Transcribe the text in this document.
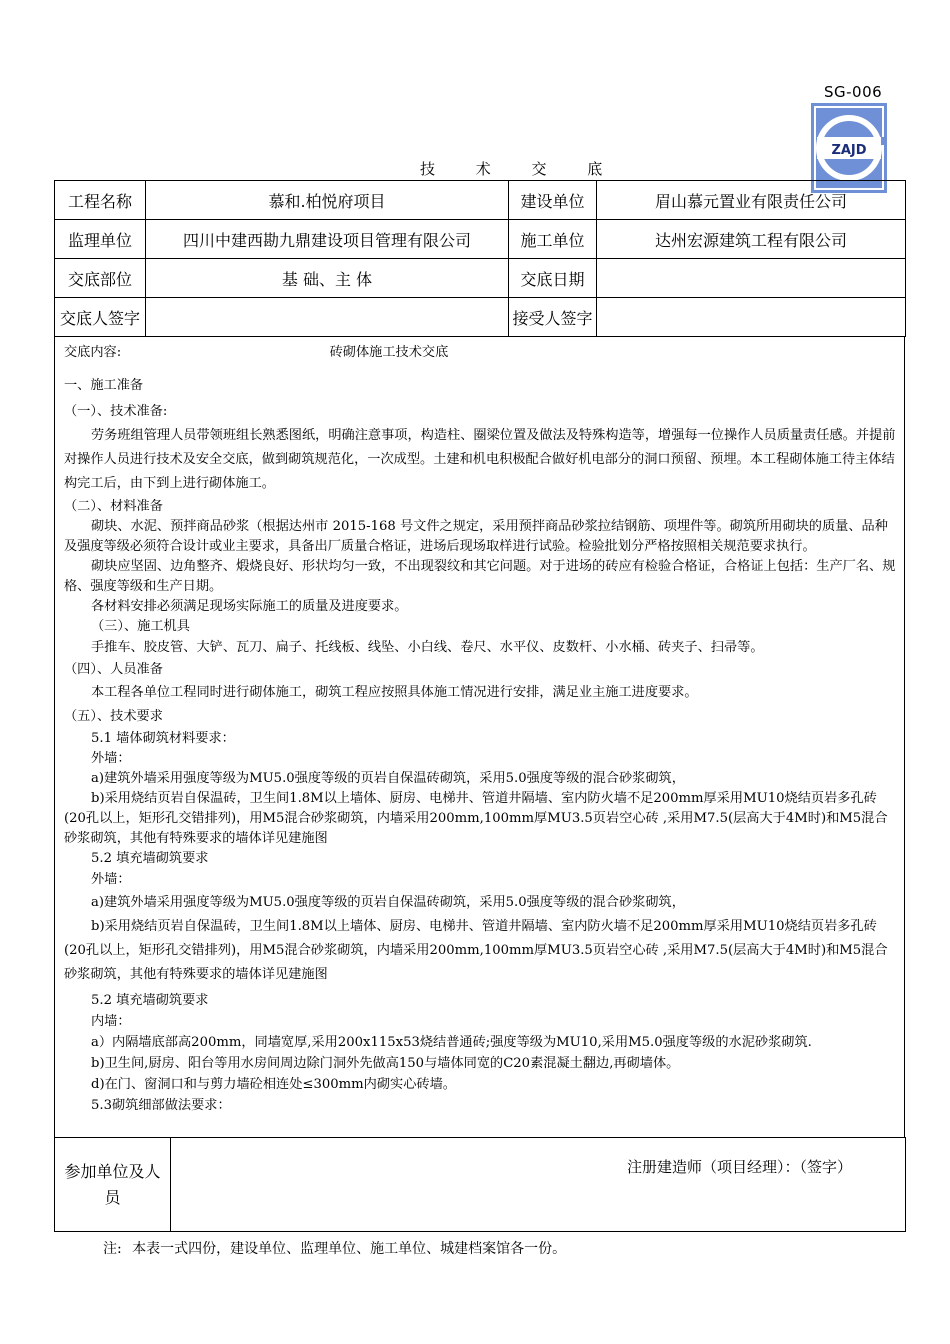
SG-006
ZAJD
技 术 交 底
工程名称	慕和.柏悦府项目	建设单位	眉山慕元置业有限责任公司
监理单位	四川中建西勘九鼎建设项目管理有限公司	施工单位	达州宏源建筑工程有限公司
交底部位	基 础、主 体	交底日期	
交底人签字		接受人签字	

交底内容:	砖砌体施工技术交底

一、施工准备

（一）、技术准备:

劳务班组管理人员带领班组长熟悉图纸，明确注意事项，构造柱、圈梁位置及做法及特殊构造等，增强每一位操作人员质量责任感。并提前对操作人员进行技术及安全交底，做到砌筑规范化，一次成型。土建和机电积极配合做好机电部分的洞口预留、预埋。本工程砌体施工待主体结构完工后，由下到上进行砌体施工。

（二）、材料准备

砌块、水泥、预拌商品砂浆（根据达州市 2015-168 号文件之规定，采用预拌商品砂浆拉结钢筋、项埋件等。砌筑所用砌块的质量、品种及强度等级必须符合设计或业主要求，具备出厂质量合格证，进场后现场取样进行试验。检验批划分严格按照相关规范要求执行。

砌块应坚固、边角整齐、煅烧良好、形状均匀一致，不出现裂纹和其它问题。对于进场的砖应有检验合格证，合格证上包括：生产厂名、规格、强度等级和生产日期。

各材料安排必须满足现场实际施工的质量及进度要求。

（三）、施工机具

手推车、胶皮管、大铲、瓦刀、扁子、托线板、线坠、小白线、卷尺、水平仪、皮数杆、小水桶、砖夹子、扫帚等。

（四）、人员准备

本工程各单位工程同时进行砌体施工，砌筑工程应按照具体施工情况进行安排，满足业主施工进度要求。

（五）、技术要求

5.1 墙体砌筑材料要求：

外墙：

a)建筑外墙采用强度等级为MU5.0强度等级的页岩自保温砖砌筑，采用5.0强度等级的混合砂浆砌筑，

b)采用烧结页岩自保温砖，卫生间1.8M以上墙体、厨房、电梯井、管道井隔墙、室内防火墙不足200mm厚采用MU10烧结页岩多孔砖(20孔以上，矩形孔交错排列)，用M5混合砂浆砌筑，内墙采用200mm,100mm厚MU3.5页岩空心砖 ,采用M7.5(层高大于4M时)和M5混合砂浆砌筑，其他有特殊要求的墙体详见建施图

5.2 填充墙砌筑要求

外墙：

a)建筑外墙采用强度等级为MU5.0强度等级的页岩自保温砖砌筑，采用5.0强度等级的混合砂浆砌筑，

b)采用烧结页岩自保温砖，卫生间1.8M以上墙体、厨房、电梯井、管道井隔墙、室内防火墙不足200mm厚采用MU10烧结页岩多孔砖(20孔以上，矩形孔交错排列)，用M5混合砂浆砌筑，内墙采用200mm,100mm厚MU3.5页岩空心砖 ,采用M7.5(层高大于4M时)和M5混合砂浆砌筑，其他有特殊要求的墙体详见建施图

5.2 填充墙砌筑要求

内墙：

a）内隔墙底部高200mm，同墙宽厚,采用200x115x53烧结普通砖;强度等级为MU10,采用M5.0强度等级的水泥砂浆砌筑.

b)卫生间,厨房、阳台等用水房间周边除门洞外先做高150与墙体同宽的C20素混凝土翻边,再砌墙体。

d)在门、窗洞口和与剪力墙砼相连处≤300mm内砌实心砖墙。

5.3砌筑细部做法要求：

参加单位及人员	
注册建造师（项目经理）：（签字）
注: 本表一式四份，建设单位、监理单位、施工单位、城建档案馆各一份。
